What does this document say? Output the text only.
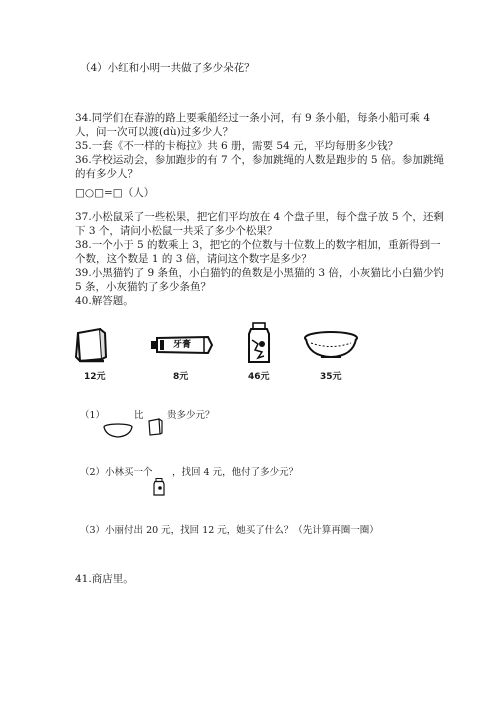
（4）小红和小明一共做了多少朵花？
34.同学们在春游的路上要乘船经过一条小河，有 9 条小船，每条小船可乘 4
人，问一次可以渡(dù)过多少人？
35.一套《不一样的卡梅拉》共 6 册，需要 54 元，平均每册多少钱？
36.学校运动会，参加跑步的有 7 个，参加跳绳的人数是跑步的 5 倍。参加跳绳
的有多少人？
□○□=□（人）
37.小松鼠采了一些松果，把它们平均放在 4 个盘子里，每个盘子放 5 个，还剩
下 3 个，请问小松鼠一共采了多少个松果？
38.一个小于 5 的数乘上 3，把它的个位数与十位数上的数字相加，重新得到一
个数，这个数是 1 的 3 倍，请问这个数字是多少？
39.小黑猫钓了 9 条鱼，小白猫钓的鱼数是小黑猫的 3 倍，小灰猫比小白猫少钓
5 条，小灰猫钓了多少条鱼？
40.解答题。
12元
牙膏
8元	46元	35元
（1）	比 贵多少元？
（2）小林买一个 ，找回 4 元，他付了多少元？
（3）小丽付出 20 元，找回 12 元，她买了什么？（先计算再圈一圈）
41.商店里。
